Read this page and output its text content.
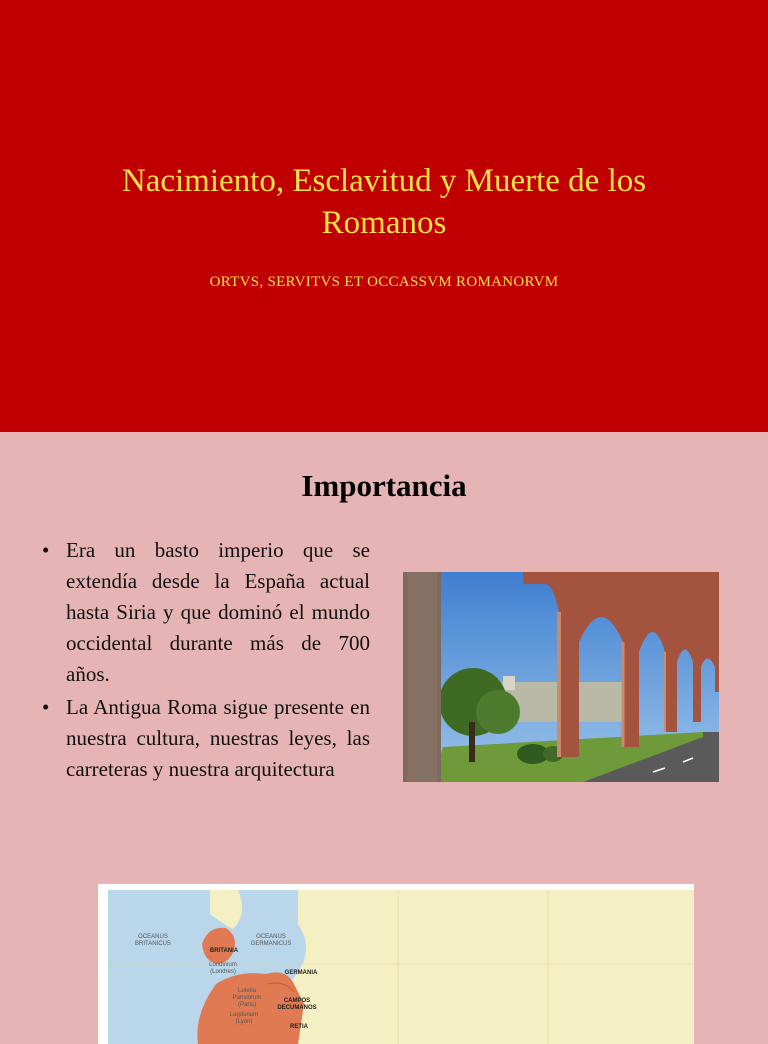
Nacimiento, Esclavitud y Muerte de los Romanos
ORTVS, SERVITVS ET OCCASSVM ROMANORVM
Importancia
• Era un basto imperio que se extendía desde la España actual hasta Siria y que dominó el mundo occidental durante más de 700 años.
• La Antigua Roma sigue presente en nuestra cultura, nuestras leyes, las carreteras y nuestra arquitectura
OCEANUS BRITANICUS
OCEANUS GERMANICUS
BRITANIA
Londinium (Londres)	GERMANIA
Lutetia Parisiorum (París)
CAMPOS DECUMANOS
Lugdunum (Lyon)
RETIA
